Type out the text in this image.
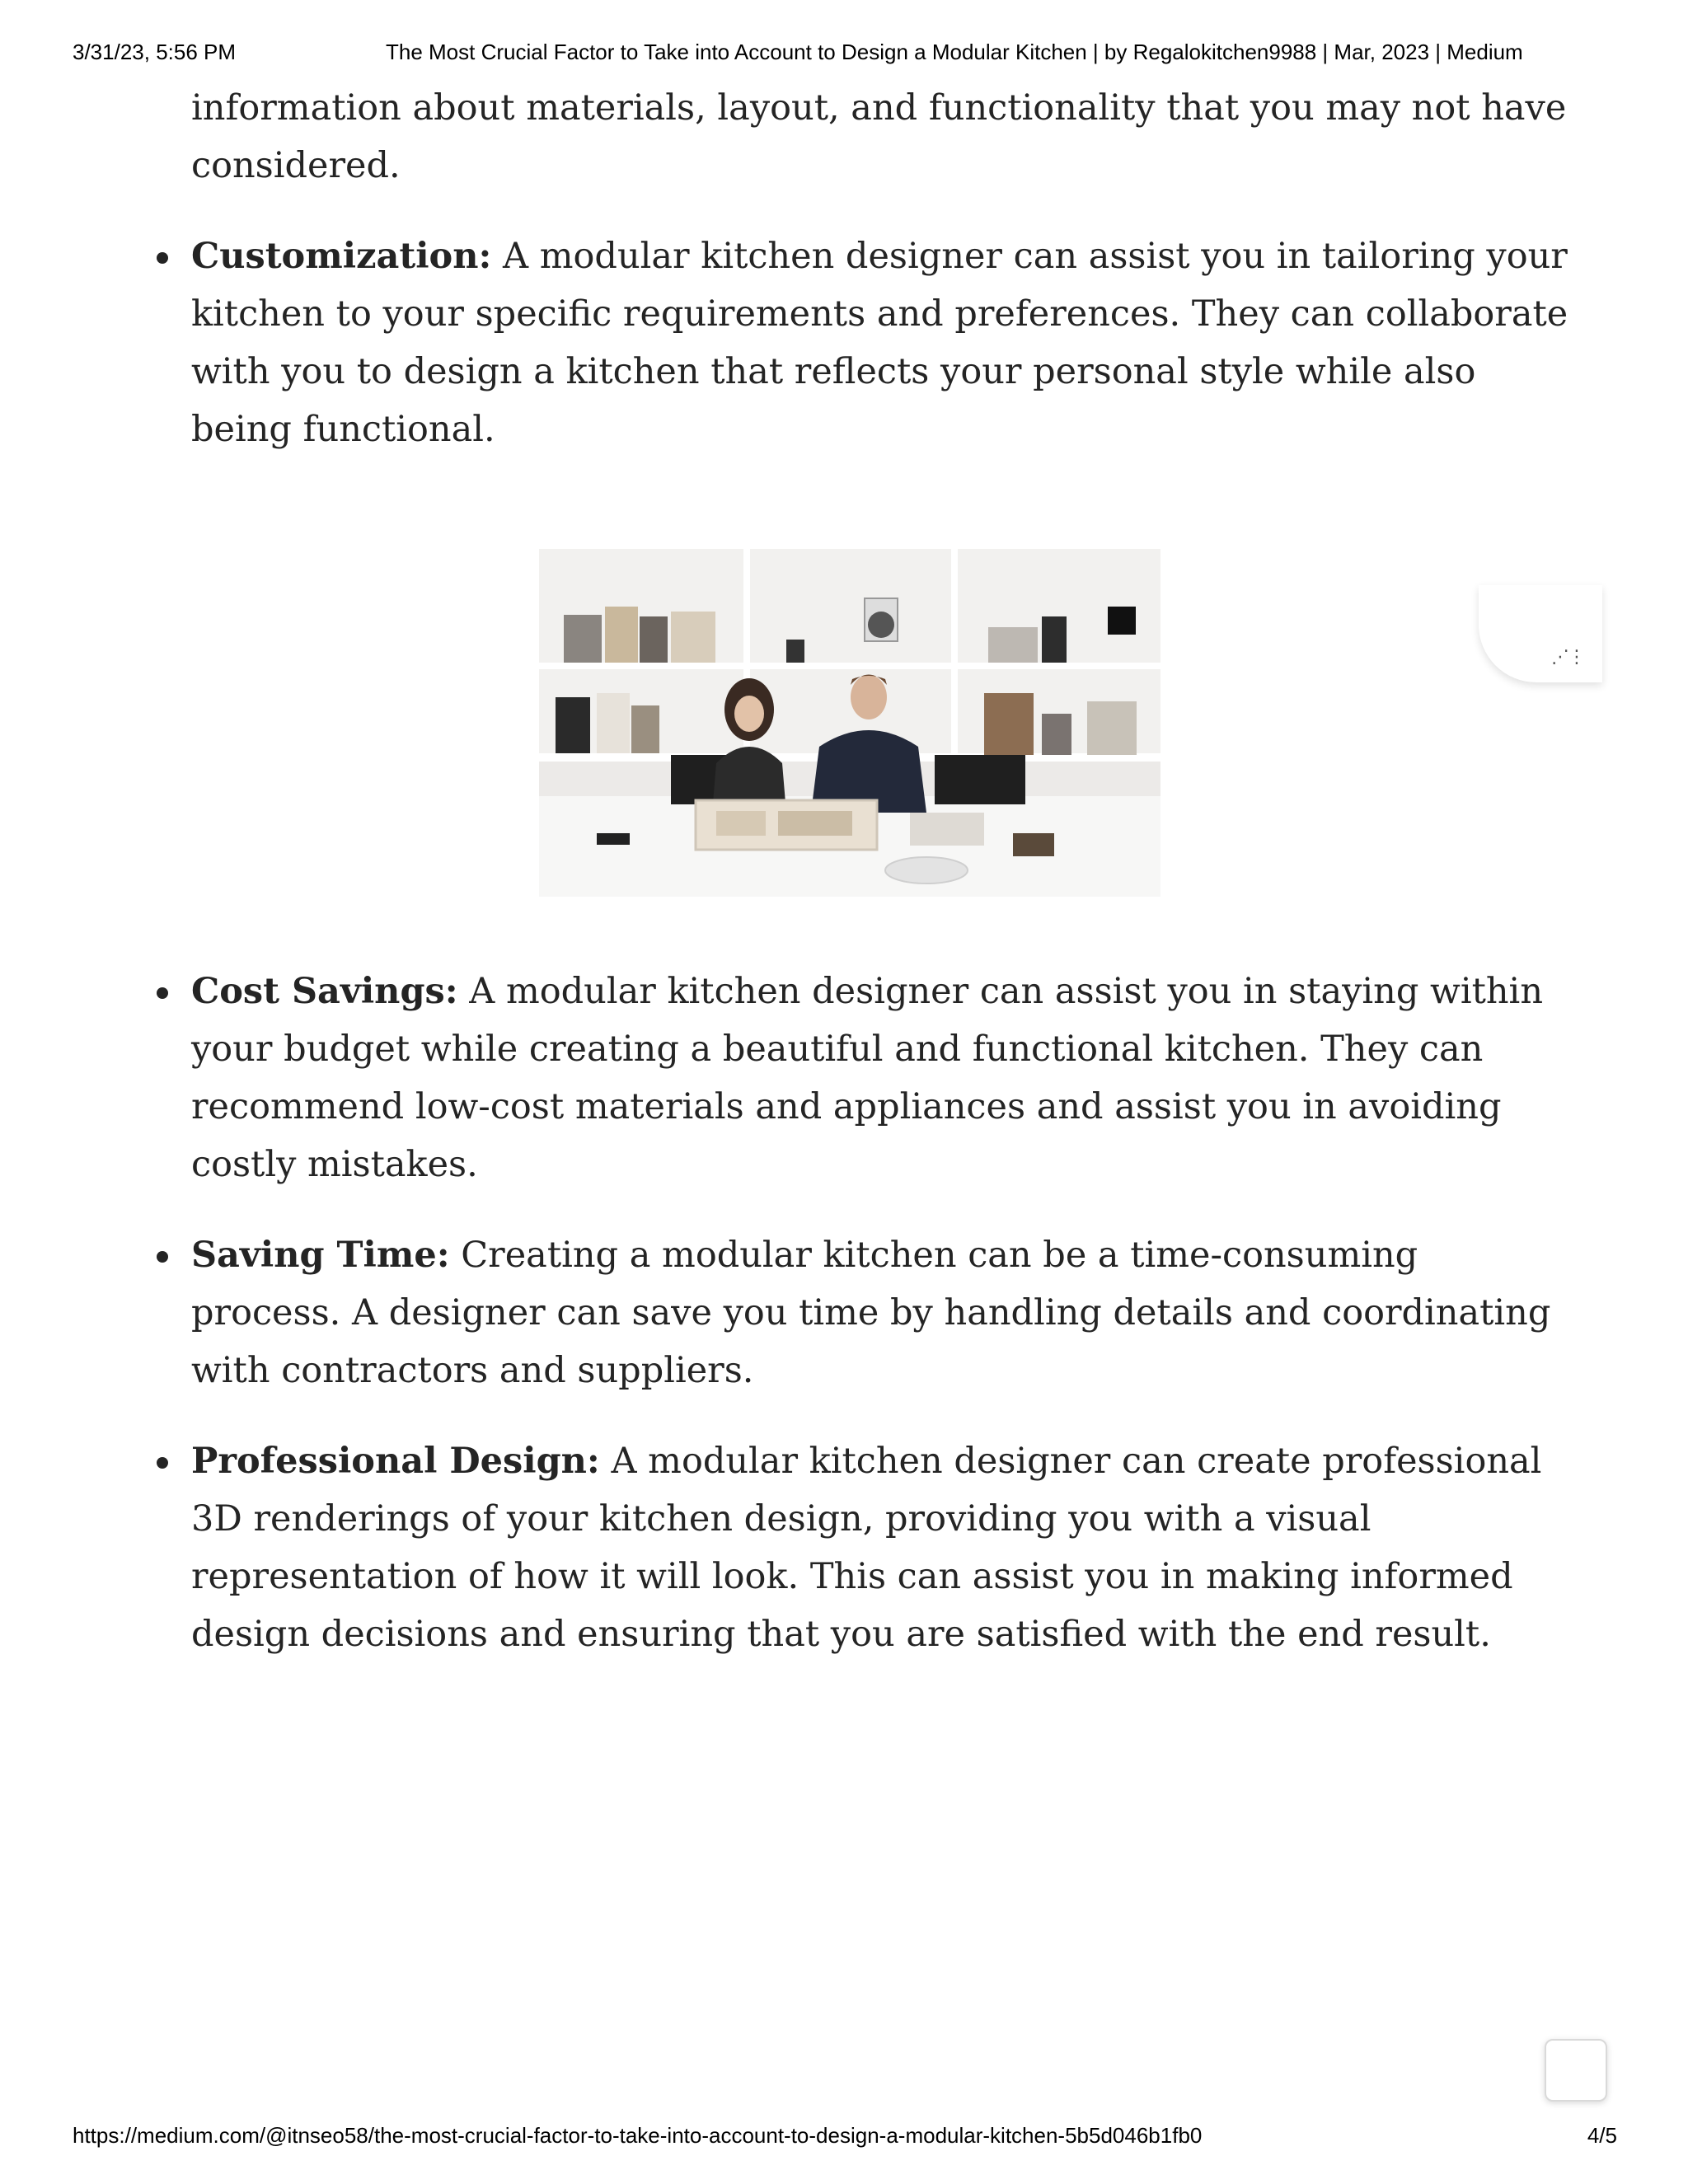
3/31/23, 5:56 PM	The Most Crucial Factor to Take into Account to Design a Modular Kitchen | by Regalokitchen9988 | Mar, 2023 | Medium

information about materials, layout, and functionality that you may not have considered.

Customization: A modular kitchen designer can assist you in tailoring your kitchen to your specific requirements and preferences. They can collaborate with you to design a kitchen that reflects your personal style while also being functional.
Cost Savings: A modular kitchen designer can assist you in staying within your budget while creating a beautiful and functional kitchen. They can recommend low-cost materials and appliances and assist you in avoiding costly mistakes.
Saving Time: Creating a modular kitchen can be a time-consuming process. A designer can save you time by handling details and coordinating with contractors and suppliers.
Professional Design: A modular kitchen designer can create professional 3D renderings of your kitchen design, providing you with a visual representation of how it will look. This can assist you in making informed design decisions and ensuring that you are satisfied with the end result.
⋰⋮
https://medium.com/@itnseo58/the-most-crucial-factor-to-take-into-account-to-design-a-modular-kitchen-5b5d046b1fb0	4/5
